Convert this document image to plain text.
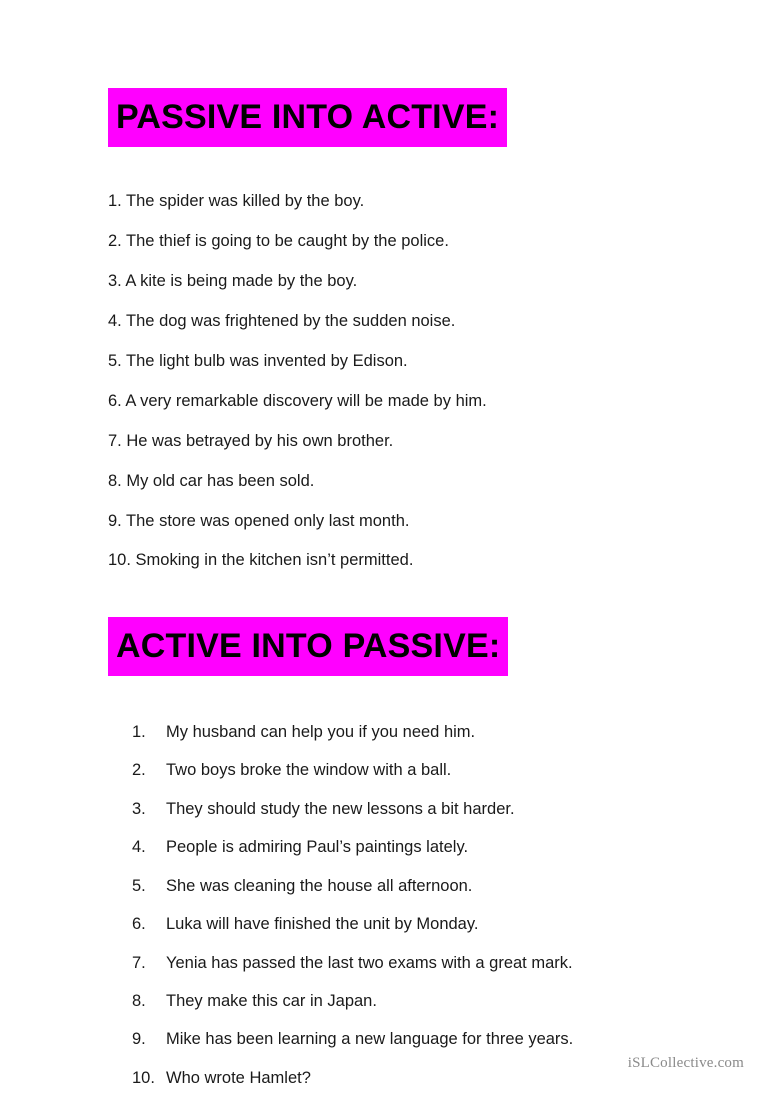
PASSIVE INTO ACTIVE:
1. The spider was killed by the boy.
2. The thief is going to be caught by the police.
3. A kite is being made by the boy.
4. The dog was frightened by the sudden noise.
5. The light bulb was invented by Edison.
6. A very remarkable discovery will be made by him.
7. He was betrayed by his own brother.
8. My old car has been sold.
9. The store was opened only last month.
10. Smoking in the kitchen isn’t permitted.
ACTIVE INTO PASSIVE:
1.	My husband can help you if you need him.
2.	Two boys broke the window with a ball.
3.	They should study the new lessons a bit harder.
4.	People is admiring Paul’s paintings lately.
5.	She was cleaning the house all afternoon.
6.	Luka will have finished the unit by Monday.
7.	Yenia has passed the last two exams with a great mark.
8.	They make this car in Japan.
9.	Mike has been learning a new language for three years.
10. Who wrote Hamlet?
iSLCollective.com
